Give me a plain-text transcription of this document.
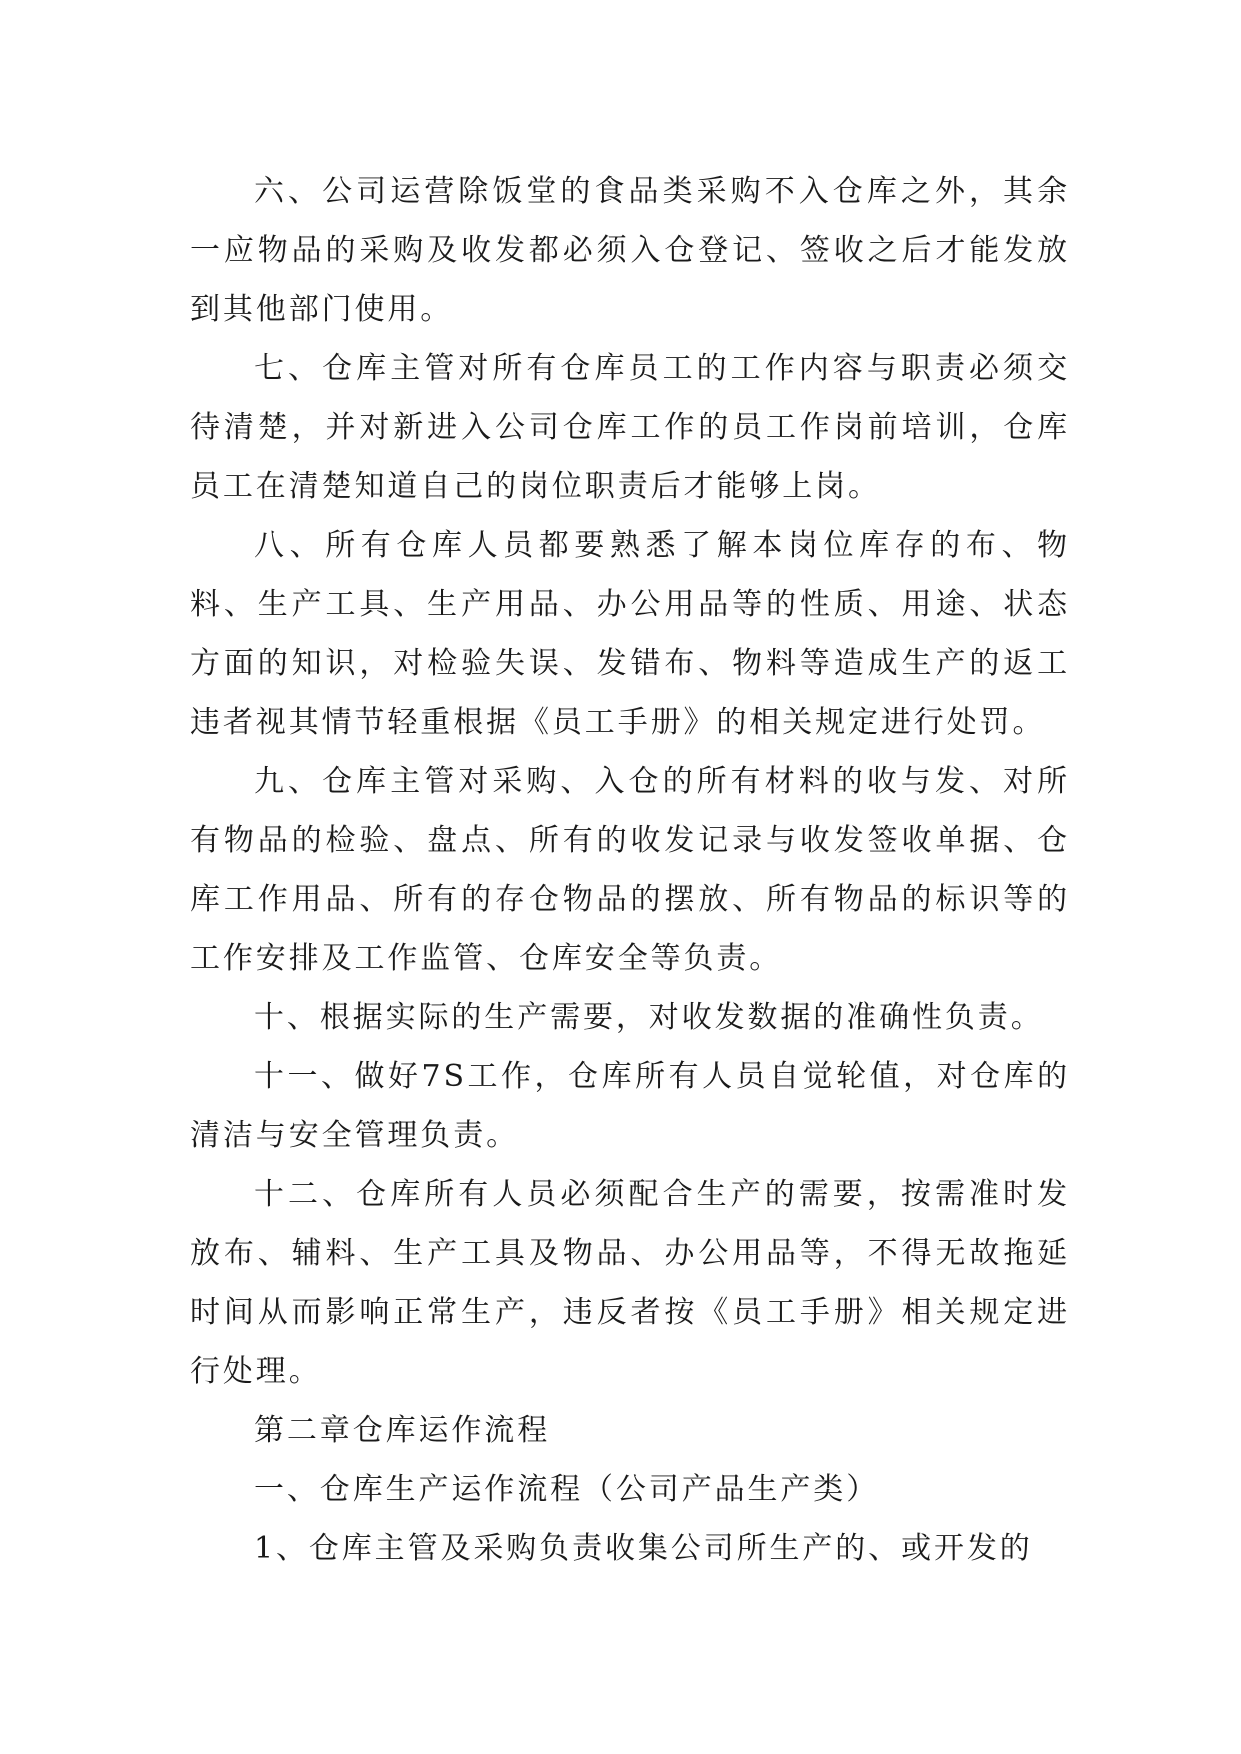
六、公司运营除饭堂的食品类采购不入仓库之外，其余一应物品的采购及收发都必须入仓登记、签收之后才能发放到其他部门使用。

七、仓库主管对所有仓库员工的工作内容与职责必须交待清楚，并对新进入公司仓库工作的员工作岗前培训，仓库员工在清楚知道自己的岗位职责后才能够上岗。

八、所有仓库人员都要熟悉了解本岗位库存的布、物料、生产工具、生产用品、办公用品等的性质、用途、状态方面的知识，对检验失误、发错布、物料等造成生产的返工违者视其情节轻重根据《员工手册》的相关规定进行处罚。

九、仓库主管对采购、入仓的所有材料的收与发、对所有物品的检验、盘点、所有的收发记录与收发签收单据、仓库工作用品、所有的存仓物品的摆放、所有物品的标识等的工作安排及工作监管、仓库安全等负责。

十、根据实际的生产需要，对收发数据的准确性负责。

十一、做好7S工作，仓库所有人员自觉轮值，对仓库的清洁与安全管理负责。

十二、仓库所有人员必须配合生产的需要，按需准时发放布、辅料、生产工具及物品、办公用品等，不得无故拖延时间从而影响正常生产，违反者按《员工手册》相关规定进行处理。

第二章仓库运作流程

一、仓库生产运作流程（公司产品生产类）

1、仓库主管及采购负责收集公司所生产的、或开发的
